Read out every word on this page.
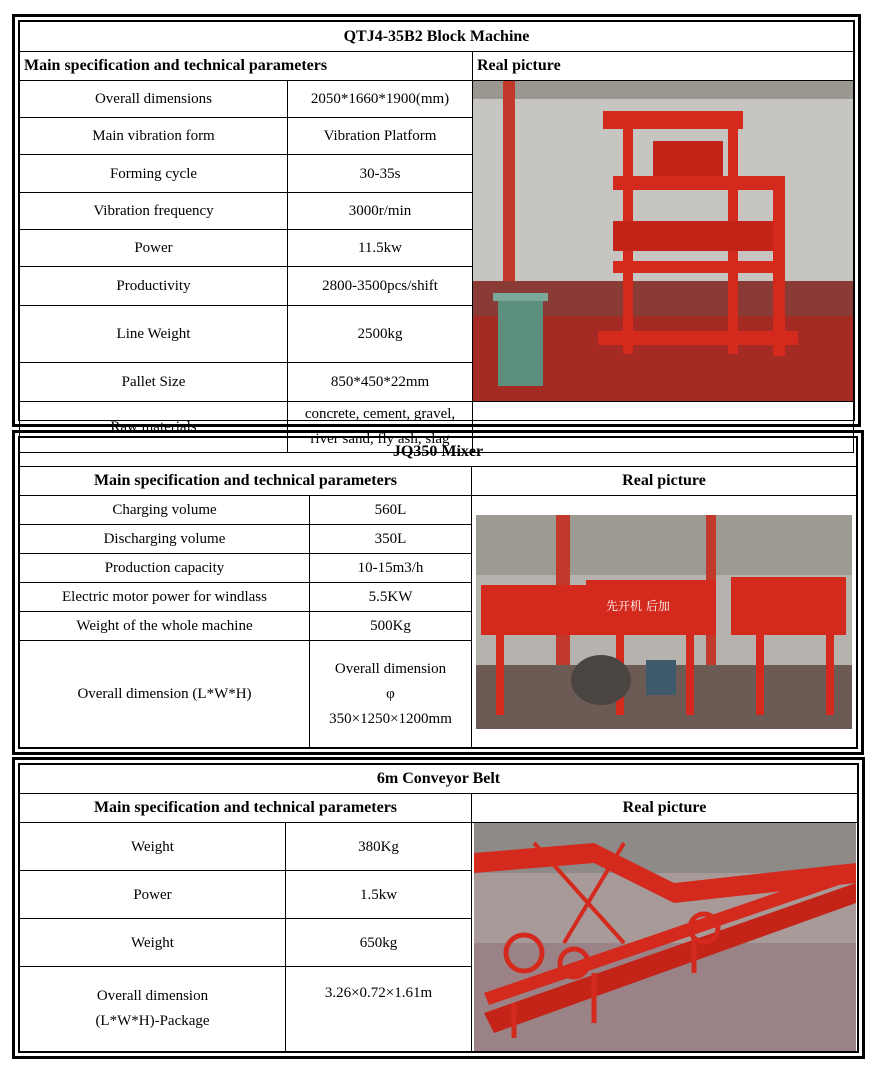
QTJ4-35B2 Block Machine		
Main specification and technical parameters		Real picture
Overall dimensions	2050*1660*1900(mm)	

Main vibration form	Vibration Platform	
Forming cycle	30-35s	
Vibration frequency	3000r/min	
Power	11.5kw	
Productivity	2800-3500pcs/shift	
Line Weight	2500kg	
Pallet Size	850*450*22mm	
Raw materials	concrete, cement, gravel,
river sand, fly ash, slag	

JQ350 Mixer		
Main specification and technical parameters		Real picture
Charging volume	560L	先开机 后加

Discharging volume	350L	
Production capacity	10-15m3/h	
Electric motor power for windlass	5.5KW	
Weight of the whole machine	500Kg	
Overall dimension (L*W*H)	Overall dimension
φ
350×1250×1200mm	
6m Conveyor Belt		
Main specification and technical parameters		Real picture
Weight	380Kg	

Power	1.5kw	
Weight	650kg	

Overall dimension
(L*W*H)-Package	3.26×0.72×1.61m	
